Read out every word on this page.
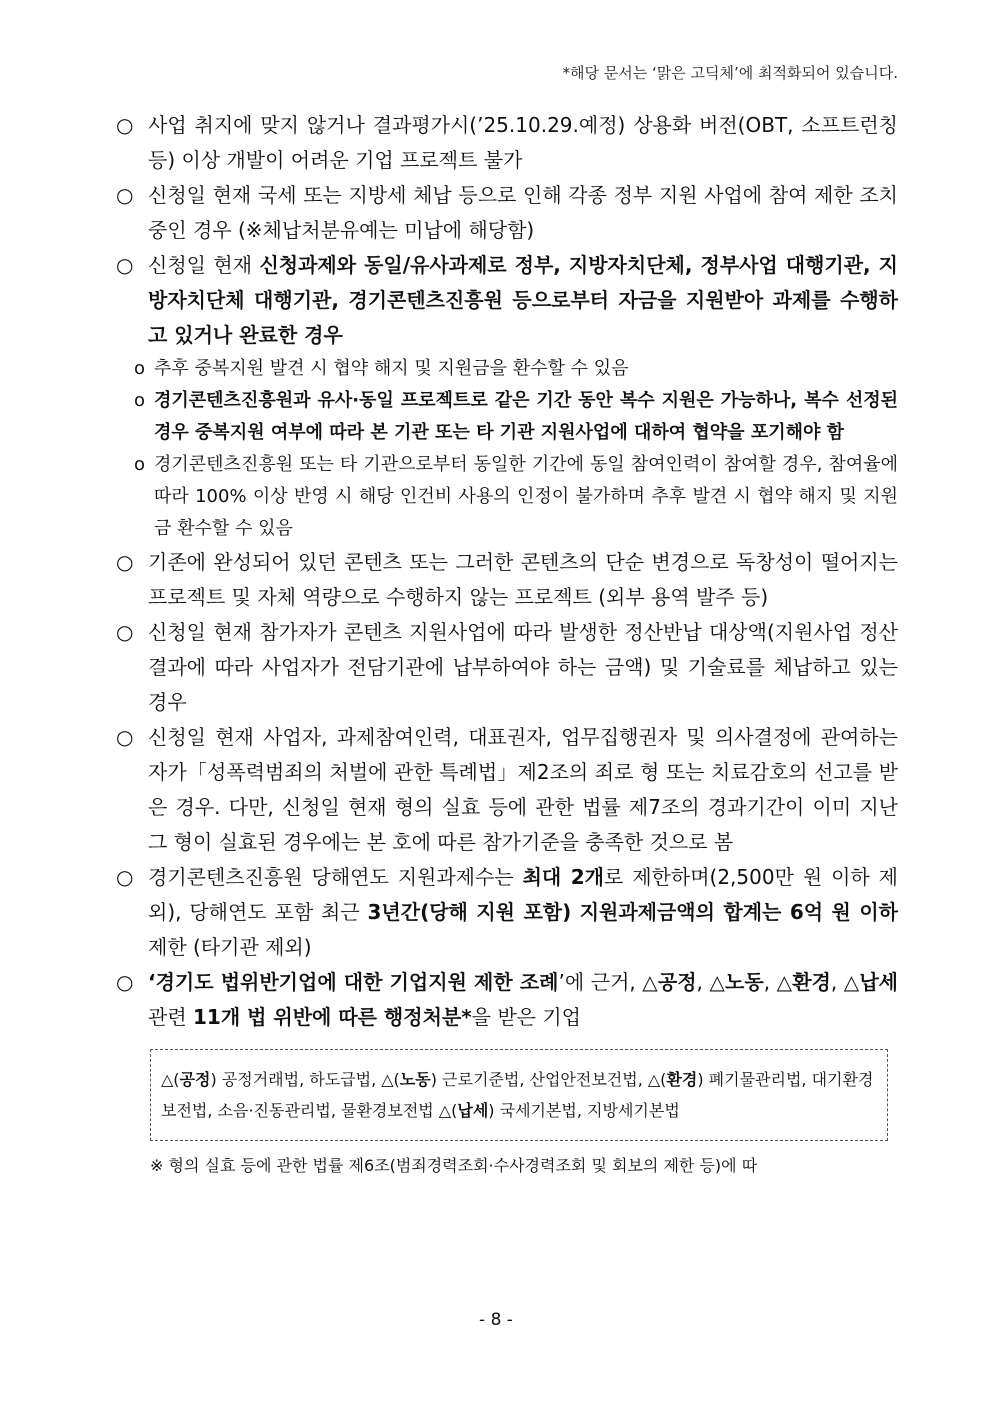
*해당 문서는 ‘맑은 고딕체’에 최적화되어 있습니다.
○ 사업 취지에 맞지 않거나 결과평가시(’25.10.29.예정) 상용화 버전(OBT, 소프트런칭 등) 이상 개발이 어려운 기업 프로젝트 불가
○ 신청일 현재 국세 또는 지방세 체납 등으로 인해 각종 정부 지원 사업에 참여 제한 조치 중인 경우 (※체납처분유예는 미납에 해당함)
○ 신청일 현재 신청과제와 동일/유사과제로 정부, 지방자치단체, 정부사업 대행기관, 지방자치단체 대행기관, 경기콘텐츠진흥원 등으로부터 자금을 지원받아 과제를 수행하고 있거나 완료한 경우
o 추후 중복지원 발견 시 협약 해지 및 지원금을 환수할 수 있음
o 경기콘텐츠진흥원과 유사·동일 프로젝트로 같은 기간 동안 복수 지원은 가능하나, 복수 선정된 경우 중복지원 여부에 따라 본 기관 또는 타 기관 지원사업에 대하여 협약을 포기해야 함
o 경기콘텐츠진흥원 또는 타 기관으로부터 동일한 기간에 동일 참여인력이 참여할 경우, 참여율에 따라 100% 이상 반영 시 해당 인건비 사용의 인정이 불가하며 추후 발견 시 협약 해지 및 지원금 환수할 수 있음
○ 기존에 완성되어 있던 콘텐츠 또는 그러한 콘텐츠의 단순 변경으로 독창성이 떨어지는 프로젝트 및 자체 역량으로 수행하지 않는 프로젝트 (외부 용역 발주 등)
○ 신청일 현재 참가자가 콘텐츠 지원사업에 따라 발생한 정산반납 대상액(지원사업 정산결과에 따라 사업자가 전담기관에 납부하여야 하는 금액) 및 기술료를 체납하고 있는 경우
○ 신청일 현재 사업자, 과제참여인력, 대표권자, 업무집행권자 및 의사결정에 관여하는 자가「성폭력범죄의 처벌에 관한 특례법」제2조의 죄로 형 또는 치료감호의 선고를 받은 경우. 다만, 신청일 현재 형의 실효 등에 관한 법률 제7조의 경과기간이 이미 지난 그 형이 실효된 경우에는 본 호에 따른 참가기준을 충족한 것으로 봄
○ 경기콘텐츠진흥원 당해연도 지원과제수는 최대 2개로 제한하며(2,500만 원 이하 제외), 당해연도 포함 최근 3년간(당해 지원 포함) 지원과제금액의 합계는 6억 원 이하제한 (타기관 제외)
○ ‘경기도 법위반기업에 대한 기업지원 제한 조례’에 근거, △공정, △노동, △환경, △납세 관련 11개 법 위반에 따른 행정처분*을 받은 기업
△(공정) 공정거래법, 하도급법, △(노동) 근로기준법, 산업안전보건법, △(환경) 폐기물관리법, 대기환경보전법, 소음·진동관리법, 물환경보전법 △(납세) 국세기본법, 지방세기본법
※ 형의 실효 등에 관한 법률 제6조(범죄경력조회·수사경력조회 및 회보의 제한 등)에 따
- 8 -
